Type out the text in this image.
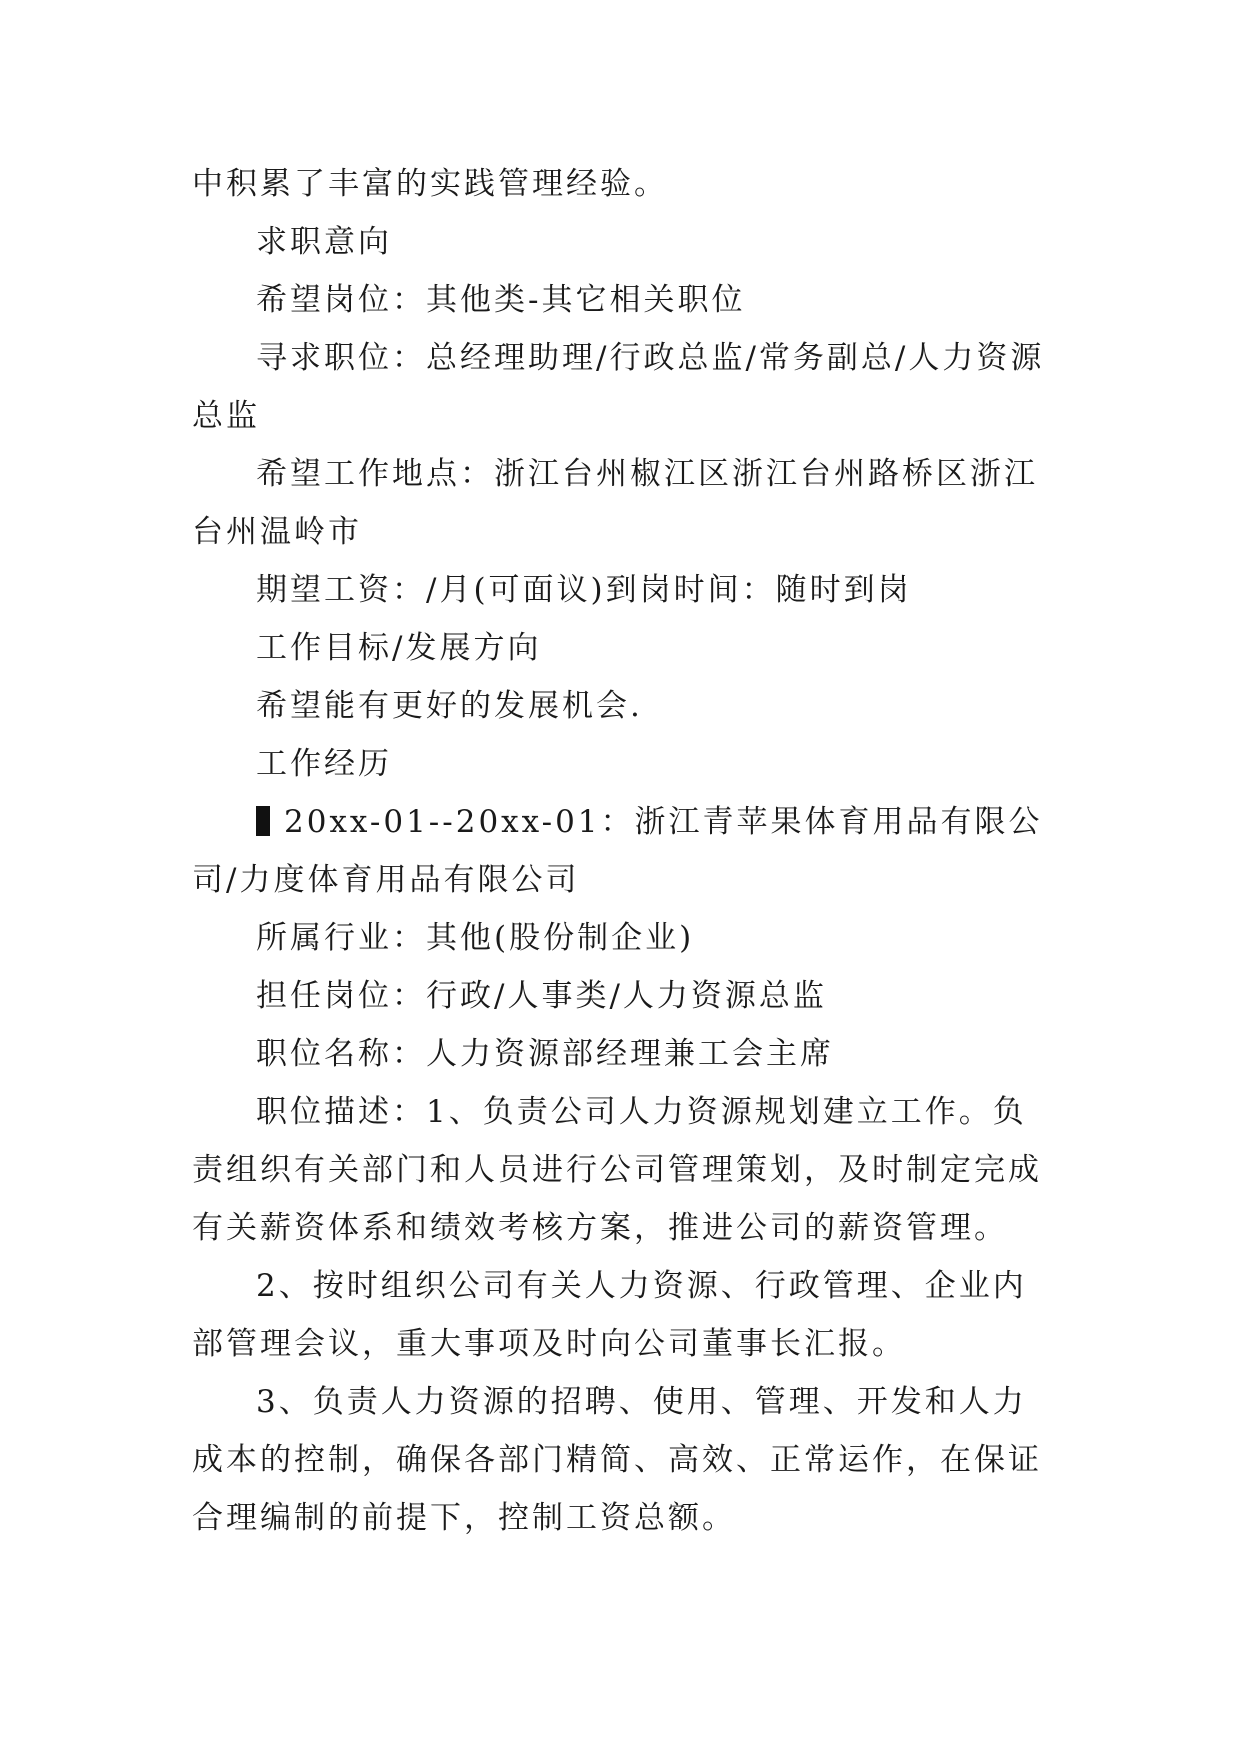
中积累了丰富的实践管理经验。

求职意向

希望岗位：其他类-其它相关职位

寻求职位：总经理助理/行政总监/常务副总/人力资源总监

希望工作地点：浙江台州椒江区浙江台州路桥区浙江台州温岭市

期望工资：/月(可面议)到岗时间：随时到岗

工作目标/发展方向

希望能有更好的发展机会.

工作经历

20xx-01--20xx-01：浙江青苹果体育用品有限公司/力度体育用品有限公司

所属行业：其他(股份制企业)

担任岗位：行政/人事类/人力资源总监

职位名称：人力资源部经理兼工会主席

职位描述：1、负责公司人力资源规划建立工作。负责组织有关部门和人员进行公司管理策划，及时制定完成有关薪资体系和绩效考核方案，推进公司的薪资管理。

2、按时组织公司有关人力资源、行政管理、企业内部管理会议，重大事项及时向公司董事长汇报。

3、负责人力资源的招聘、使用、管理、开发和人力成本的控制，确保各部门精简、高效、正常运作，在保证合理编制的前提下，控制工资总额。
